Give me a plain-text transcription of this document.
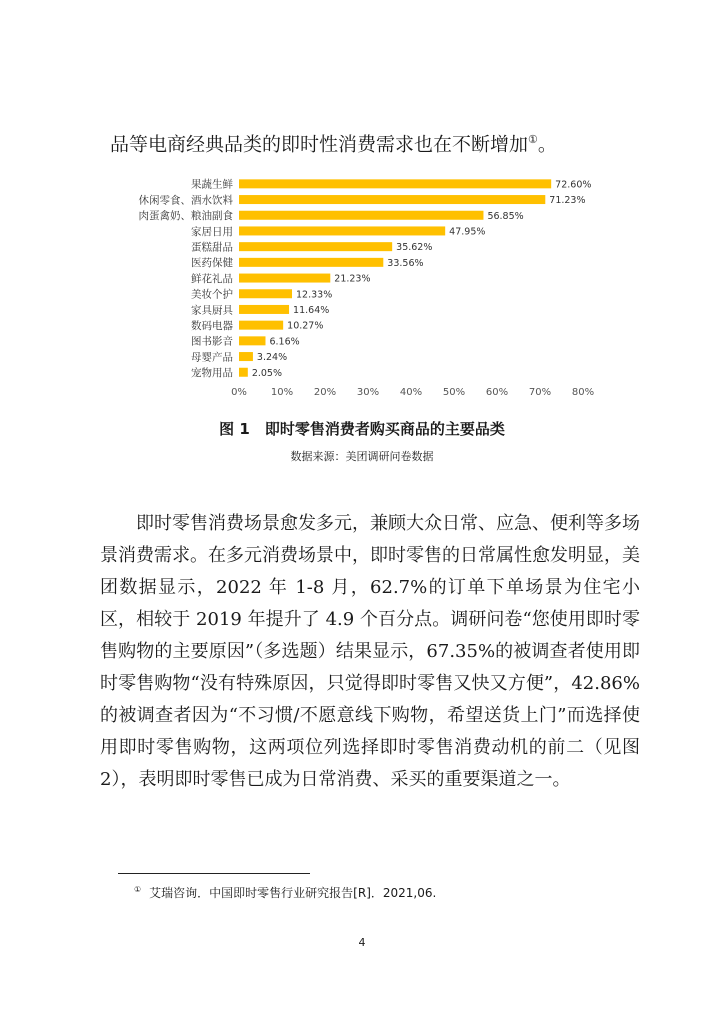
品等电商经典品类的即时性消费需求也在不断增加①。
果蔬生鲜	72.60%
休闲零食、酒水饮料	71.23%
肉蛋禽奶、粮油副食	56.85%
家居日用	47.95%
蛋糕甜品	35.62%
医药保健	33.56%
鲜花礼品	21.23%
美妆个护	12.33%
家具厨具	11.64%
数码电器	10.27%
图书影音	6.16%
母婴产品	3.24%
宠物用品 2.05%
0% 10% 20% 30% 40% 50% 60% 70% 80%
图 1　即时零售消费者购买商品的主要品类
数据来源：美团调研问卷数据

即时零售消费场景愈发多元，兼顾大众日常、应急、便利等多场景消费需求。在多元消费场景中，即时零售的日常属性愈发明显，美团数据显示，2022 年 1-8 月，62.7%的订单下单场景为住宅小区，相较于 2019 年提升了 4.9 个百分点。调研问卷“您使用即时零售购物的主要原因”（多选题）结果显示，67.35%的被调查者使用即时零售购物“没有特殊原因，只觉得即时零售又快又方便”，42.86%的被调查者因为“不习惯/不愿意线下购物，希望送货上门”而选择使用即时零售购物，这两项位列选择即时零售消费动机的前二（见图 2），表明即时零售已成为日常消费、采买的重要渠道之一。

① 艾瑞咨询．中国即时零售行业研究报告[R]．2021,06.
4
